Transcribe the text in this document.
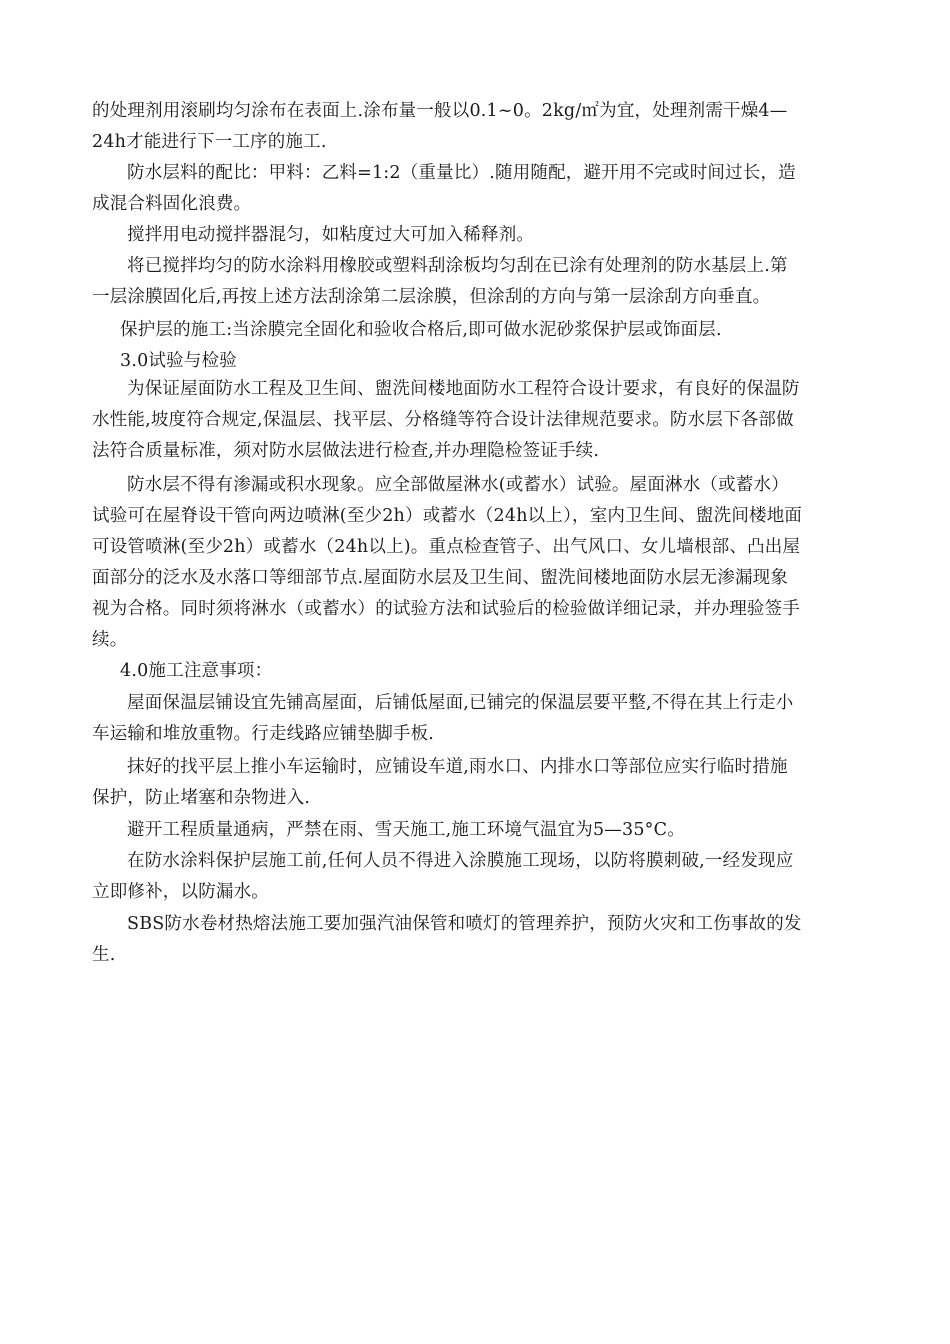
的处理剂用滚刷均匀涂布在表面上.涂布量一般以0.1~0。2kg/㎡为宜，处理剂需干燥4—
24h才能进行下一工序的施工.
防水层料的配比：甲料：乙料=1:2（重量比）.随用随配，避开用不完或时间过长，造
成混合料固化浪费。
搅拌用电动搅拌器混匀，如粘度过大可加入稀释剂。
将已搅拌均匀的防水涂料用橡胶或塑料刮涂板均匀刮在已涂有处理剂的防水基层上.第
一层涂膜固化后,再按上述方法刮涂第二层涂膜，但涂刮的方向与第一层涂刮方向垂直。
保护层的施工:当涂膜完全固化和验收合格后,即可做水泥砂浆保护层或饰面层.
3.0试验与检验
为保证屋面防水工程及卫生间、盥洗间楼地面防水工程符合设计要求，有良好的保温防
水性能,坡度符合规定,保温层、找平层、分格缝等符合设计法律规范要求。防水层下各部做
法符合质量标准，须对防水层做法进行检查,并办理隐检签证手续.
防水层不得有渗漏或积水现象。应全部做屋淋水(或蓄水）试验。屋面淋水（或蓄水）
试验可在屋脊设干管向两边喷淋(至少2h）或蓄水（24h以上），室内卫生间、盥洗间楼地面
可设管喷淋(至少2h）或蓄水（24h以上)。重点检查管子、出气风口、女儿墙根部、凸出屋
面部分的泛水及水落口等细部节点.屋面防水层及卫生间、盥洗间楼地面防水层无渗漏现象
视为合格。同时须将淋水（或蓄水）的试验方法和试验后的检验做详细记录，并办理验签手
续。
4.0施工注意事项：
屋面保温层铺设宜先铺高屋面，后铺低屋面,已铺完的保温层要平整,不得在其上行走小
车运输和堆放重物。行走线路应铺垫脚手板.
抹好的找平层上推小车运输时，应铺设车道,雨水口、内排水口等部位应实行临时措施
保护，防止堵塞和杂物进入.
避开工程质量通病，严禁在雨、雪天施工,施工环境气温宜为5—35°C。
在防水涂料保护层施工前,任何人员不得进入涂膜施工现场，以防将膜刺破,一经发现应
立即修补，以防漏水。
SBS防水卷材热熔法施工要加强汽油保管和喷灯的管理养护，预防火灾和工伤事故的发
生.
